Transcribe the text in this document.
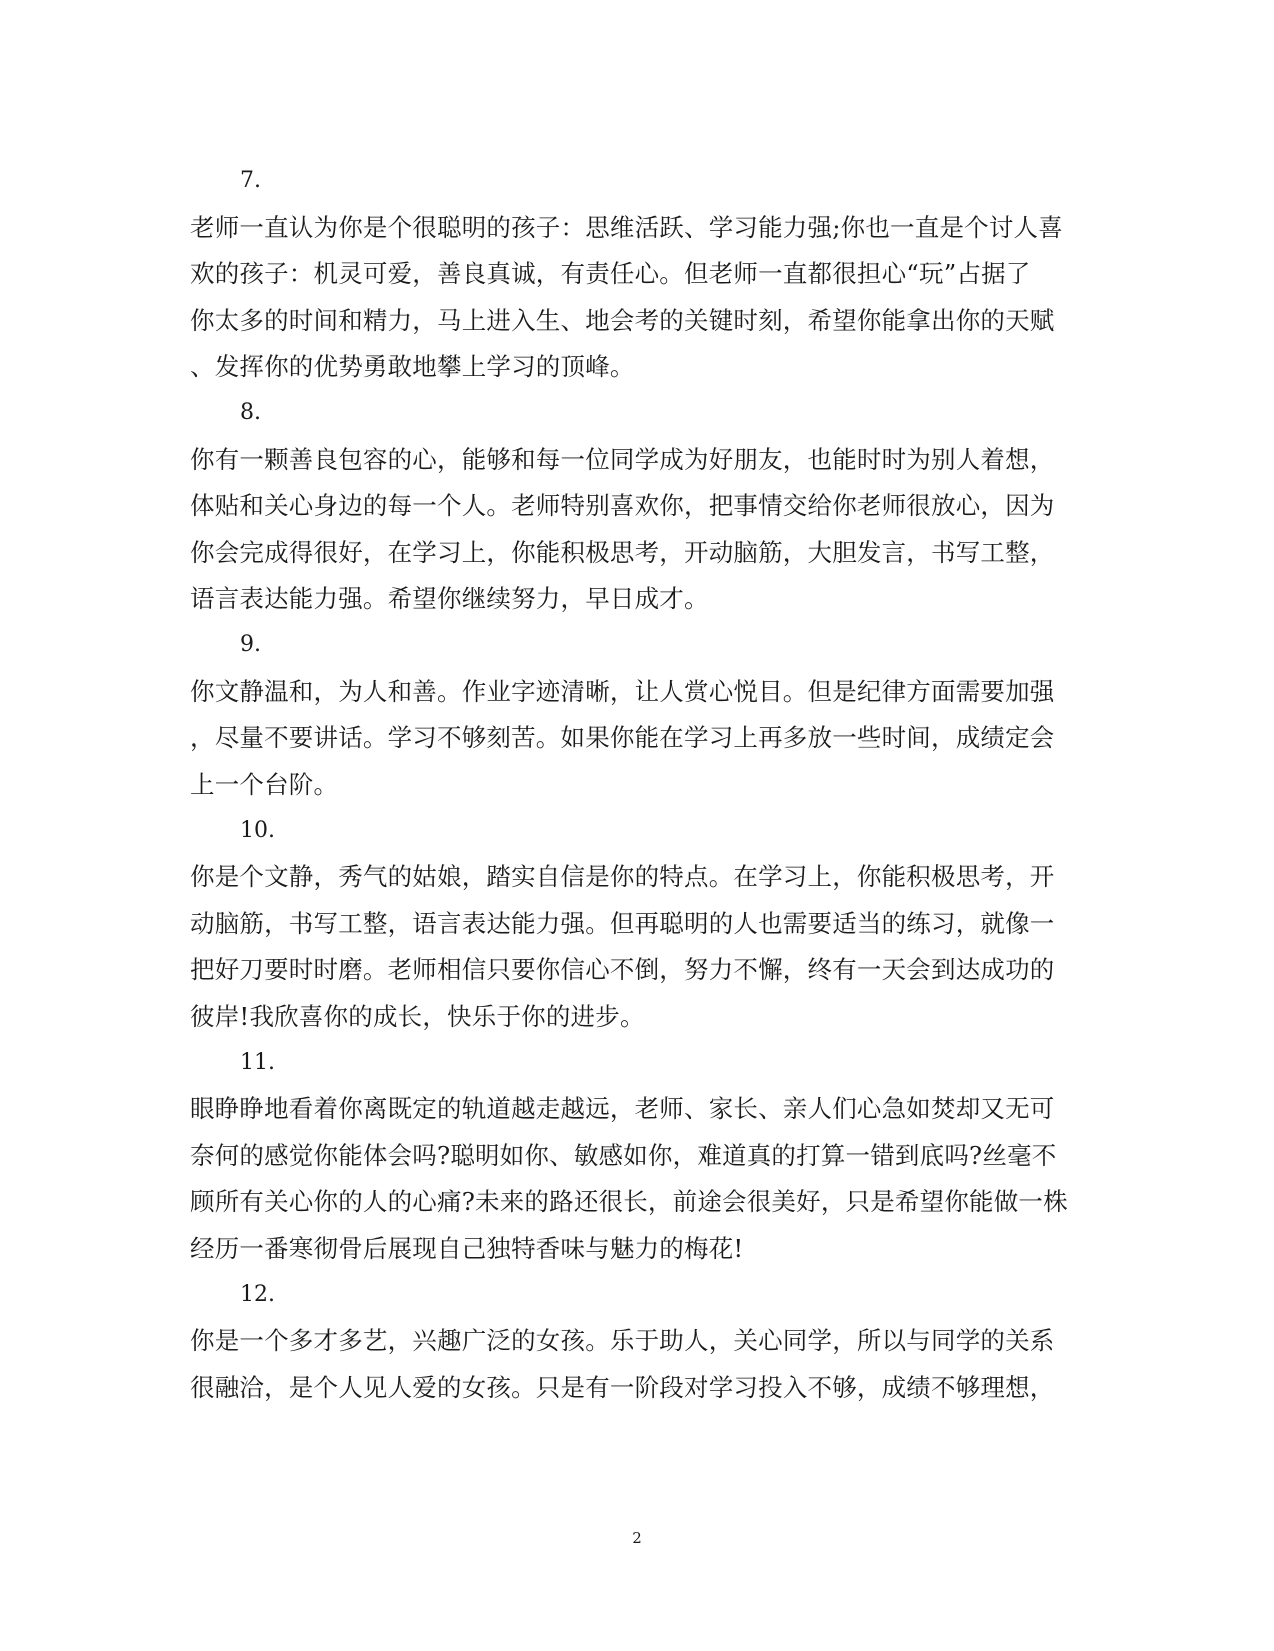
7.
老师一直认为你是个很聪明的孩子：思维活跃、学习能力强;你也一直是个讨人喜
欢的孩子：机灵可爱，善良真诚，有责任心。但老师一直都很担心“玩”占据了
你太多的时间和精力，马上进入生、地会考的关键时刻，希望你能拿出你的天赋
、发挥你的优势勇敢地攀上学习的顶峰。
8.
你有一颗善良包容的心，能够和每一位同学成为好朋友，也能时时为别人着想，
体贴和关心身边的每一个人。老师特别喜欢你，把事情交给你老师很放心，因为
你会完成得很好，在学习上，你能积极思考，开动脑筋，大胆发言，书写工整，
语言表达能力强。希望你继续努力，早日成才。
9.
你文静温和，为人和善。作业字迹清晰，让人赏心悦目。但是纪律方面需要加强
，尽量不要讲话。学习不够刻苦。如果你能在学习上再多放一些时间，成绩定会
上一个台阶。
10.
你是个文静，秀气的姑娘，踏实自信是你的特点。在学习上，你能积极思考，开
动脑筋，书写工整，语言表达能力强。但再聪明的人也需要适当的练习，就像一
把好刀要时时磨。老师相信只要你信心不倒，努力不懈，终有一天会到达成功的
彼岸!我欣喜你的成长，快乐于你的进步。
11.
眼睁睁地看着你离既定的轨道越走越远，老师、家长、亲人们心急如焚却又无可
奈何的感觉你能体会吗?聪明如你、敏感如你，难道真的打算一错到底吗?丝毫不
顾所有关心你的人的心痛?未来的路还很长，前途会很美好，只是希望你能做一株
经历一番寒彻骨后展现自己独特香味与魅力的梅花!
12.
你是一个多才多艺，兴趣广泛的女孩。乐于助人，关心同学，所以与同学的关系
很融洽，是个人见人爱的女孩。只是有一阶段对学习投入不够，成绩不够理想，
2
